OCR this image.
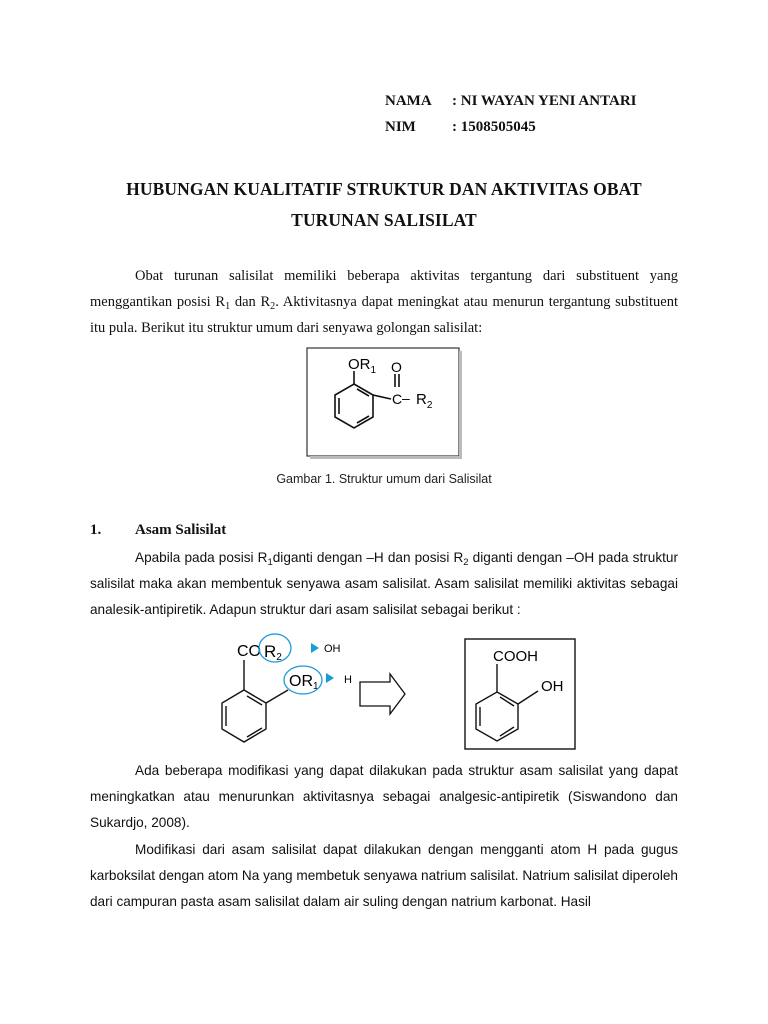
NAMA : NI WAYAN YENI ANTARI
NIM : 1508505045
HUBUNGAN KUALITATIF STRUKTUR DAN AKTIVITAS OBAT
TURUNAN SALISILAT
Obat turunan salisilat memiliki beberapa aktivitas tergantung dari substituent yang menggantikan posisi $R_1$ dan $R_2$. Aktivitasnya dapat meningkat atau menurun tergantung substituent itu pula. Berikut itu struktur umum dari senyawa golongan salisilat:
$OR_1$ O
C – $R_2$
Gambar 1. Struktur umum dari Salisilat
1. Asam Salisilat
Apabila pada posisi $R_1diganti$ dengan –H dan posisi $R_2$ diganti dengan –OH pada struktur salisilat maka akan membentuk senyawa asam salisilat. Asam salisilat memiliki aktivitas sebagai analesik-antipiretik. Adapun struktur dari asam salisilat sebagai berikut :
CO R2
OH
OR1
H
COOH
OH
Ada beberapa modifikasi yang dapat dilakukan pada struktur asam salisilat yang dapat meningkatkan atau menurunkan aktivitasnya sebagai analgesic-antipiretik (Siswandono dan Sukardjo, 2008).
Modifikasi dari asam salisilat dapat dilakukan dengan mengganti atom H pada gugus karboksilat dengan atom Na yang membetuk senyawa natrium salisilat. Natrium salisilat diperoleh dari campuran pasta asam salisilat dalam air suling dengan natrium karbonat. Hasil
